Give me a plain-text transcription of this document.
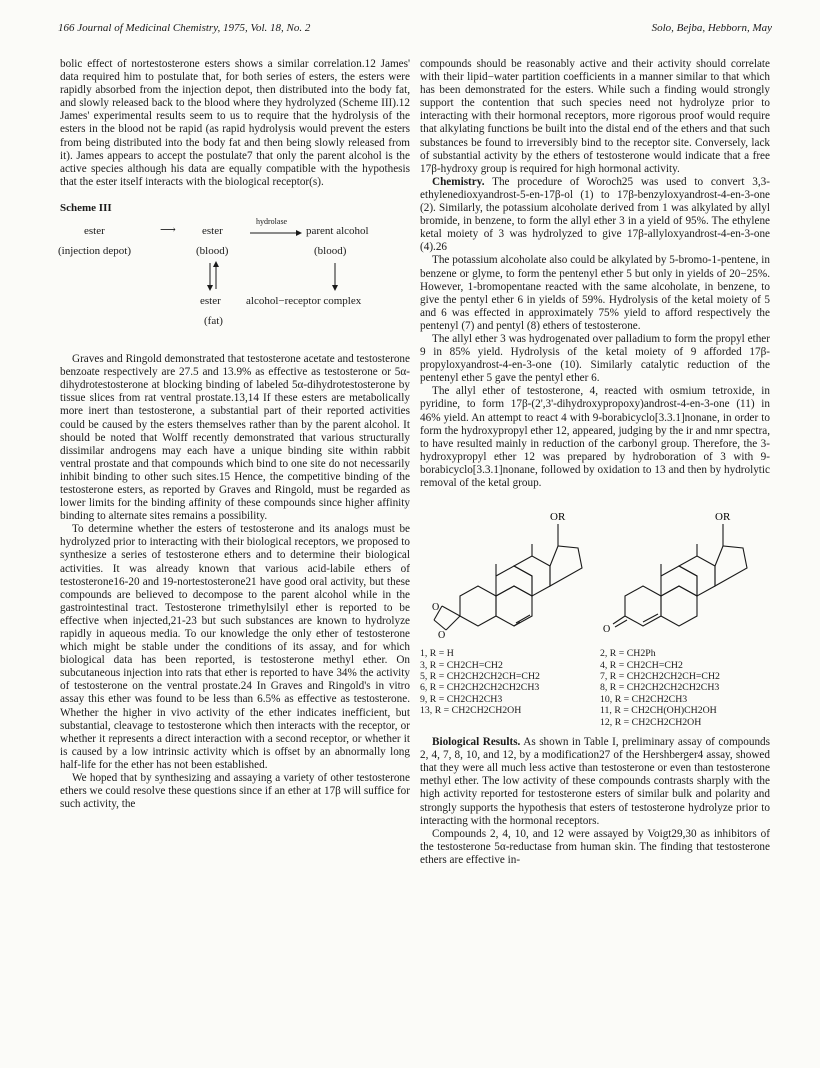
166 Journal of Medicinal Chemistry, 1975, Vol. 18, No. 2	Solo, Bejba, Hebborn, May

bolic effect of nortestosterone esters shows a similar correlation.12 James' data required him to postulate that, for both series of esters, the esters were rapidly absorbed from the injection depot, then distributed into the body fat, and slowly released back to the blood where they hydrolyzed (Scheme III).12 James' experimental results seem to us to require that the hydrolysis of the esters in the blood not be rapid (as rapid hydrolysis would prevent the esters from being distributed into the body fat and then being slowly released from it). James appears to accept the postulate7 that only the parent alcohol is the active species although his data are equally compatible with the hypothesis that the ester itself interacts with the biological receptor(s).

Scheme III
ester	⟶ ester
hydrolase
parent alcohol
(injection depot)	(blood)	(blood)
ester alcohol−receptor complex
(fat)

Graves and Ringold demonstrated that testosterone acetate and testosterone benzoate respectively are 27.5 and 13.9% as effective as testosterone or 5α-dihydrotestosterone at blocking binding of labeled 5α-dihydrotestosterone by tissue slices from rat ventral prostate.13,14 If these esters are metabolically more inert than testosterone, a substantial part of their reported activities could be caused by the esters themselves rather than by the parent alcohol. It should be noted that Wolff recently demonstrated that various structurally dissimilar androgens may each have a unique binding site within rabbit ventral prostate and that compounds which bind to one site do not necessarily inhibit binding to other such sites.15 Hence, the competitive binding of the testosterone esters, as reported by Graves and Ringold, must be regarded as lower limits for the binding affinity of these compounds since higher affinity binding to alternate sites remains a possibility.

To determine whether the esters of testosterone and its analogs must be hydrolyzed prior to interacting with their biological receptors, we proposed to synthesize a series of testosterone ethers and to determine their biological activities. It was already known that various acid-labile ethers of testosterone16-20 and 19-nortestosterone21 have good oral activity, but these compounds are believed to decompose to the parent alcohol while in the gastrointestinal tract. Testosterone trimethylsilyl ether is reported to be effective when injected,21-23 but such substances are known to hydrolyze rapidly in aqueous media. To our knowledge the only ether of testosterone which might be stable under the conditions of its assay, and for which biological data has been reported, is testosterone methyl ether. On subcutaneous injection into rats that ether is reported to have 34% the activity of testosterone on the ventral prostate.24 In Graves and Ringold's in vitro assay this ether was found to be less than 6.5% as effective as testosterone. Whether the higher in vivo activity of the ether indicates inefficient, but substantial, cleavage to testosterone which then interacts with the receptor, or whether it represents a direct interaction with a second receptor, or whether it is caused by a low intrinsic activity which is offset by an abnormally long half-life for the ether has not been established.

We hoped that by synthesizing and assaying a variety of other testosterone ethers we could resolve these questions since if an ether at 17β will suffice for such activity, the

compounds should be reasonably active and their activity should correlate with their lipid−water partition coefficients in a manner similar to that which has been demonstrated for the esters. While such a finding would strongly support the contention that such species need not hydrolyze prior to interacting with their hormonal receptors, more rigorous proof would require that alkylating functions be built into the distal end of the ethers and that such substances be found to irreversibly bind to the receptor site. Conversely, lack of substantial activity by the ethers of testosterone would indicate that a free 17β-hydroxy group is required for high hormonal activity.

Chemistry. The procedure of Woroch25 was used to convert 3,3-ethylenedioxyandrost-5-en-17β-ol (1) to 17β-benzyloxyandrost-4-en-3-one (2). Similarly, the potassium alcoholate derived from 1 was alkylated by allyl bromide, in benzene, to form the allyl ether 3 in a yield of 95%. The ethylene ketal moiety of 3 was hydrolyzed to give 17β-allyloxyandrost-4-en-3-one (4).26

The potassium alcoholate also could be alkylated by 5-bromo-1-pentene, in benzene or glyme, to form the pentenyl ether 5 but only in yields of 20−25%. However, 1-bromopentane reacted with the same alcoholate, in benzene, to give the pentyl ether 6 in yields of 59%. Hydrolysis of the ketal moiety of 5 and 6 was effected in approximately 75% yield to afford respectively the pentenyl (7) and pentyl (8) ethers of testosterone.

The allyl ether 3 was hydrogenated over palladium to form the propyl ether 9 in 85% yield. Hydrolysis of the ketal moiety of 9 afforded 17β-propyloxyandrost-4-en-3-one (10). Similarly catalytic reduction of the pentenyl ether 5 gave the pentyl ether 6.

The allyl ether of testosterone, 4, reacted with osmium tetroxide, in pyridine, to form 17β-(2',3'-dihydroxypropoxy)androst-4-en-3-one (11) in 46% yield. An attempt to react 4 with 9-borabicyclo[3.3.1]nonane, in order to form the hydroxypropyl ether 12, appeared, judging by the ir and nmr spectra, to have resulted mainly in reduction of the carbonyl group. Therefore, the 3-hydroxypropyl ether 12 was prepared by hydroboration of 3 with 9-borabicyclo[3.3.1]nonane, followed by oxidation to 13 and then by hydrolytic removal of the ketal group.

O
O
OR
O
OR
1, R = H
3, R = CH2CH=CH2
5, R = CH2CH2CH2CH=CH2
6, R = CH2CH2CH2CH2CH3
9, R = CH2CH2CH3
13, R = CH2CH2CH2OH
2, R = CH2Ph
4, R = CH2CH=CH2
7, R = CH2CH2CH2CH=CH2
8, R = CH2CH2CH2CH2CH3
10, R = CH2CH2CH3
11, R = CH2CH(OH)CH2OH
12, R = CH2CH2CH2OH

Biological Results. As shown in Table I, preliminary assay of compounds 2, 4, 7, 8, 10, and 12, by a modification27 of the Hershberger4 assay, showed that they were all much less active than testosterone or even than testosterone methyl ether. The low activity of these compounds contrasts sharply with the high activity reported for testosterone esters of similar bulk and polarity and strongly supports the hypothesis that esters of testosterone hydrolyze prior to interacting with the hormonal receptors.

Compounds 2, 4, 10, and 12 were assayed by Voigt29,30 as inhibitors of the testosterone 5α-reductase from human skin. The finding that testosterone ethers are effective in-
